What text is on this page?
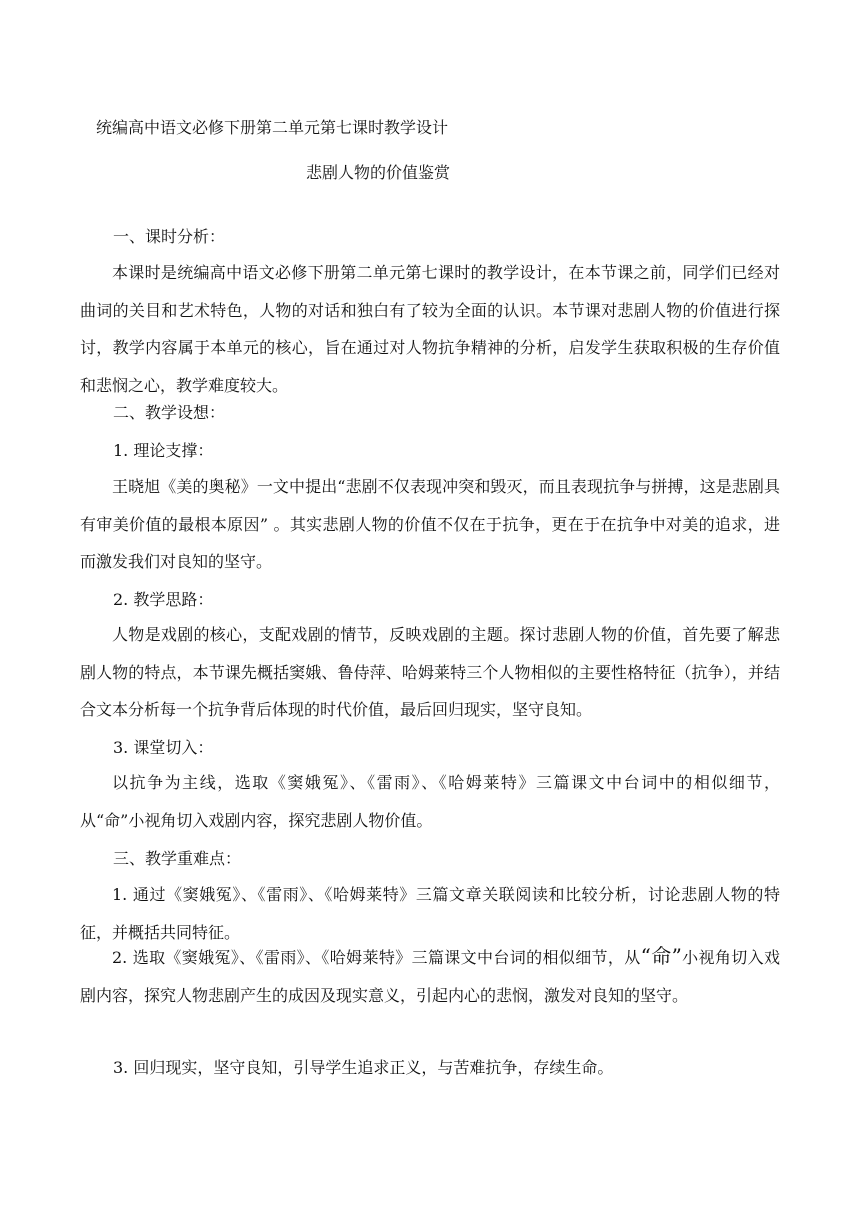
统编高中语文必修下册第二单元第七课时教学设计
悲剧人物的价值鉴赏
一、课时分析：

本课时是统编高中语文必修下册第二单元第七课时的教学设计，在本节课之前，同学们已经对曲词的关目和艺术特色，人物的对话和独白有了较为全面的认识。本节课对悲剧人物的价值进行探讨，教学内容属于本单元的核心，旨在通过对人物抗争精神的分析，启发学生获取积极的生存价值和悲悯之心，教学难度较大。

二、教学设想：
1. 理论支撑：

王晓旭《美的奥秘》一文中提出“悲剧不仅表现冲突和毁灭，而且表现抗争与拼搏，这是悲剧具有审美价值的最根本原因” 。其实悲剧人物的价值不仅在于抗争，更在于在抗争中对美的追求，进而激发我们对良知的坚守。

2. 教学思路：

人物是戏剧的核心，支配戏剧的情节，反映戏剧的主题。探讨悲剧人物的价值，首先要了解悲剧人物的特点，本节课先概括窦娥、鲁侍萍、哈姆莱特三个人物相似的主要性格特征（抗争），并结合文本分析每一个抗争背后体现的时代价值，最后回归现实，坚守良知。

3. 课堂切入：

以抗争为主线，选取《窦娥冤》、《雷雨》、《哈姆莱特》三篇课文中台词中的相似细节，从“命”小视角切入戏剧内容，探究悲剧人物价值。

三、教学重难点：

1. 通过《窦娥冤》、《雷雨》、《哈姆莱特》三篇文章关联阅读和比较分析，讨论悲剧人物的特征，并概括共同特征。

2. 选取《窦娥冤》、《雷雨》、《哈姆莱特》三篇课文中台词的相似细节，从“命”小视角切入戏剧内容，探究人物悲剧产生的成因及现实意义，引起内心的悲悯，激发对良知的坚守。

3. 回归现实，坚守良知，引导学生追求正义，与苦难抗争，存续生命。
